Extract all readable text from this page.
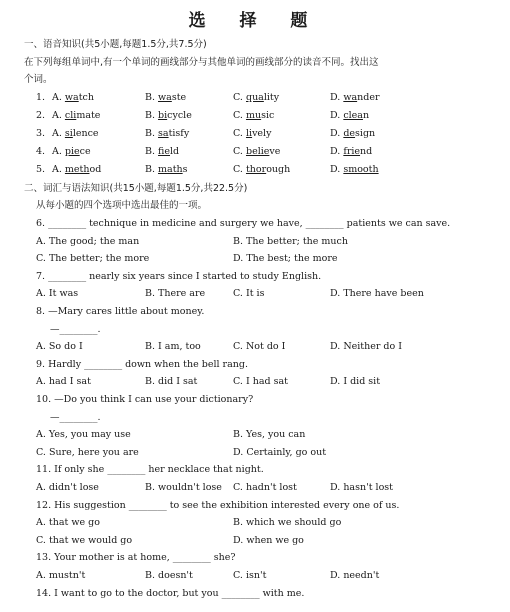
选 择 题
一、语音知识(共5小题,每题1.5分,共7.5分)
在下列每组单词中,有一个单词的画线部分与其他单词的画线部分的读音不同。找出这
个词。
1. A. watch	B. waste	C. quality	D. wander
2. A. climate	B. bicycle	C. music	D. clean
3. A. silence	B. satisfy	C. lively	D. design
4. A. piece	B. field	C. believe	D. friend
5. A. method	B. maths	C. thorough	D. smooth
二、词汇与语法知识(共15小题,每题1.5分,共22.5分)
从每小题的四个选项中选出最佳的一项。
6. ________ technique in medicine and surgery we have, ________ patients we can save.
A. The good; the man	B. The better; the much
C. The better; the more	D. The best; the more
7. ________ nearly six years since I started to study English.
A. It was	B. There are	C. It is	D. There have been
8. —Mary cares little about money.
—________.
A. So do I	B. I am, too	C. Not do I	D. Neither do I
9. Hardly ________ down when the bell rang.
A. had I sat	B. did I sat	C. I had sat	D. I did sit
10. —Do you think I can use your dictionary?
—________.
A. Yes, you may use	B. Yes, you can
C. Sure, here you are	D. Certainly, go out
11. If only she ________ her necklace that night.
A. didn't lose	B. wouldn't lose C. hadn't lost	D. hasn't lost
12. His suggestion ________ to see the exhibition interested every one of us.
A. that we go	B. which we should go
C. that we would go	D. when we go
13. Your mother is at home, ________ she?
A. mustn't	B. doesn't	C. isn't	D. needn't
14. I want to go to the doctor, but you ________ with me.
